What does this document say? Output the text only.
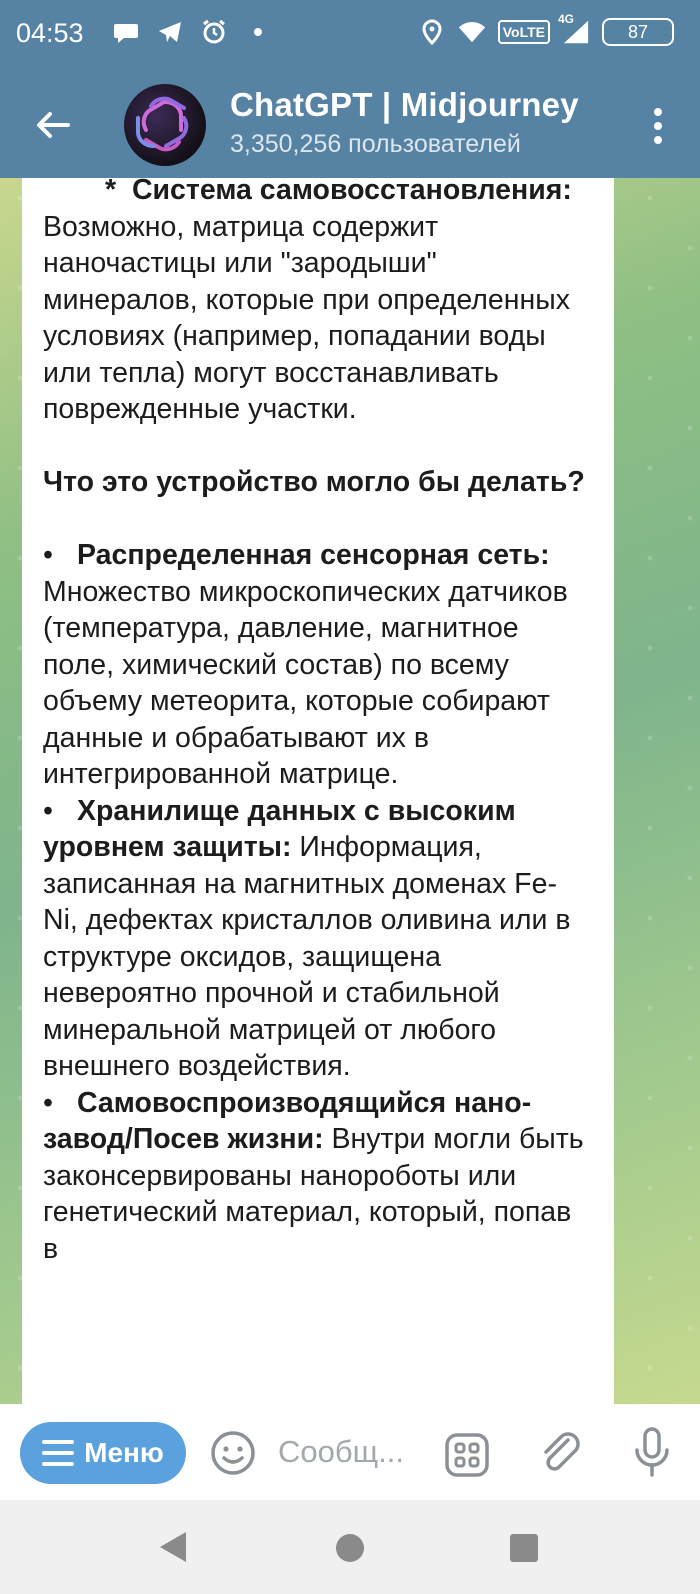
04:53	VoLTE
4G
87
ChatGPT | Midjourney
3,350,256 пользователей

* Система самовосстановления: Возможно, матрица содержит наночастицы или "зародыши" минералов, которые при определенных условиях (например, попадании воды или тепла) могут восстанавливать поврежденные участки.

Что это устройство могло бы делать?

• Распределенная сенсорная сеть: Множество микроскопических датчиков (температура, давление, магнитное поле, химический состав) по всему объему метеорита, которые собирают данные и обрабатывают их в интегрированной матрице.

• Хранилище данных с высоким уровнем защиты: Информация, записанная на магнитных доменах Fe-Ni, дефектах кристаллов оливина или в структуре оксидов, защищена невероятно прочной и стабильной минеральной матрицей от любого внешнего воздействия.

• Самовоспроизводящийся нано-завод/Посев жизни: Внутри могли быть законсервированы нанороботы или генетический материал, который, попав в

Меню	Сообщ...
